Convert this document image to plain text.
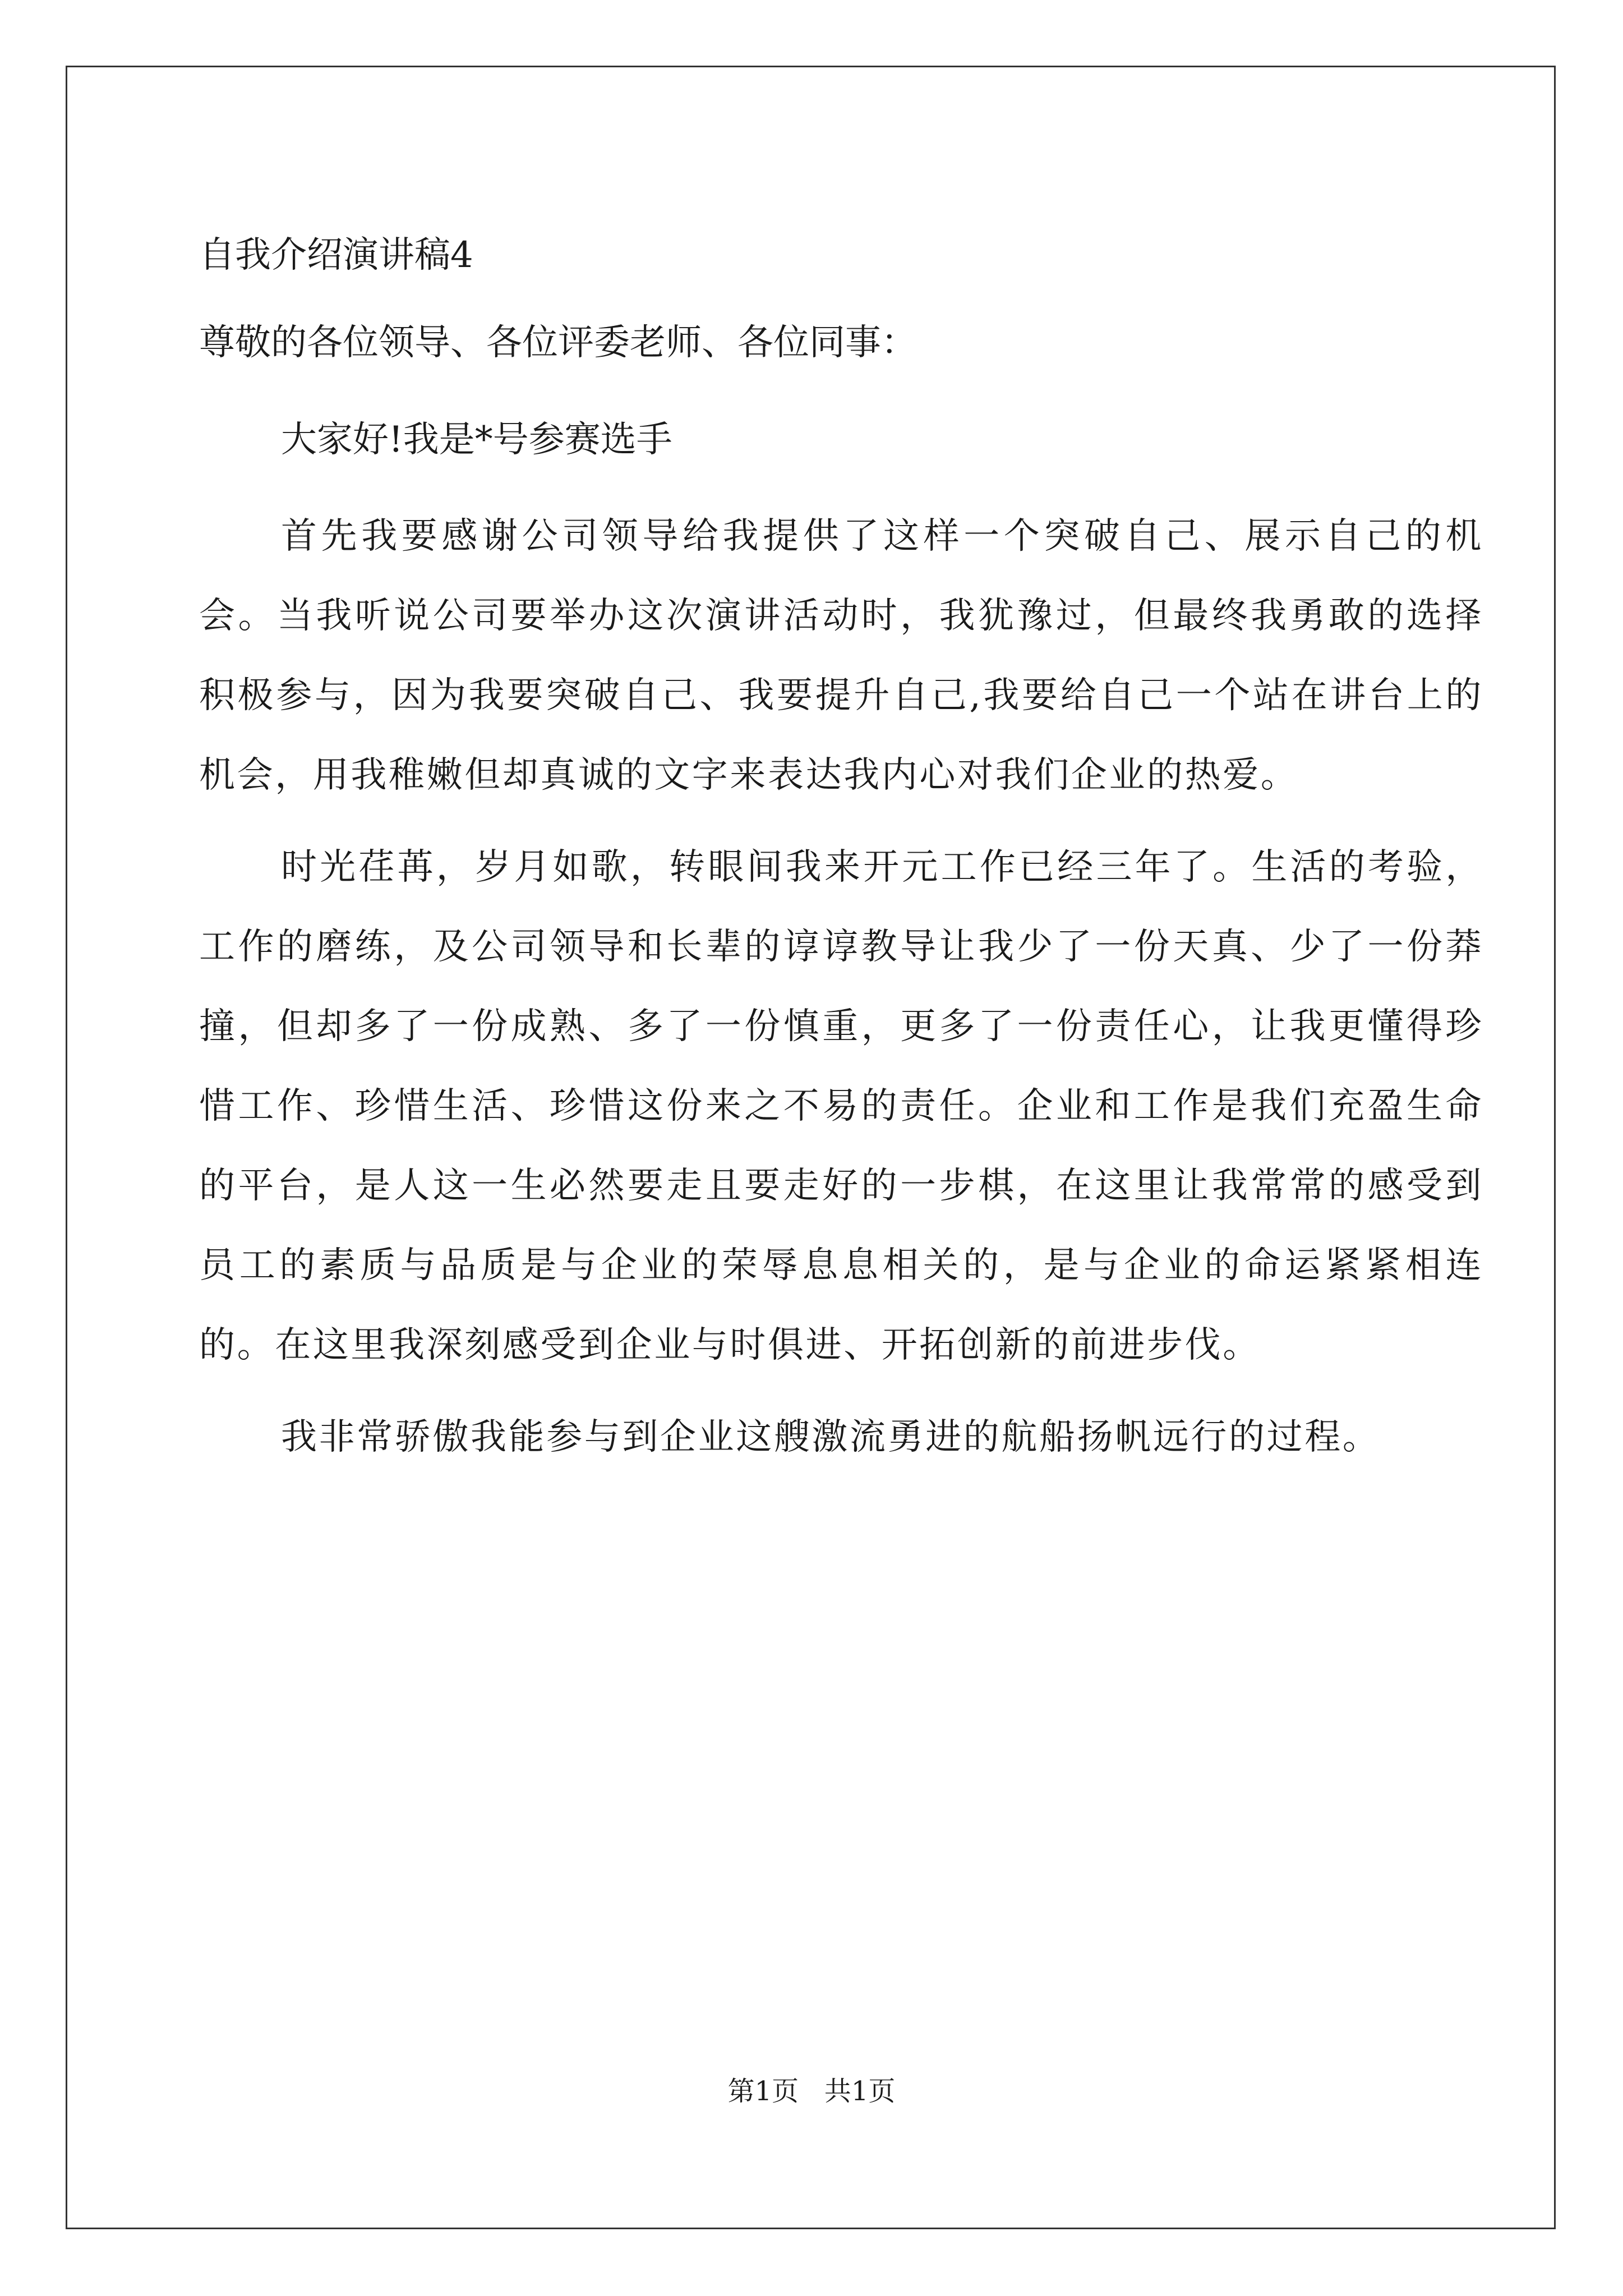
自我介绍演讲稿4

尊敬的各位领导、各位评委老师、各位同事：

大家好!我是*号参赛选手

首先我要感谢公司领导给我提供了这样一个突破自己、展示自己的机会。当我听说公司要举办这次演讲活动时，我犹豫过，但最终我勇敢的选择积极参与，因为我要突破自己、我要提升自己,我要给自己一个站在讲台上的机会，用我稚嫩但却真诚的文字来表达我内心对我们企业的热爱。

时光荏苒，岁月如歌，转眼间我来开元工作已经三年了。生活的考验，工作的磨练，及公司领导和长辈的谆谆教导让我少了一份天真、少了一份莽撞，但却多了一份成熟、多了一份慎重，更多了一份责任心，让我更懂得珍惜工作、珍惜生活、珍惜这份来之不易的责任。企业和工作是我们充盈生命的平台，是人这一生必然要走且要走好的一步棋，在这里让我常常的感受到员工的素质与品质是与企业的荣辱息息相关的，是与企业的命运紧紧相连的。在这里我深刻感受到企业与时俱进、开拓创新的前进步伐。

我非常骄傲我能参与到企业这艘激流勇进的航船扬帆远行的过程。

第1页   共1页
